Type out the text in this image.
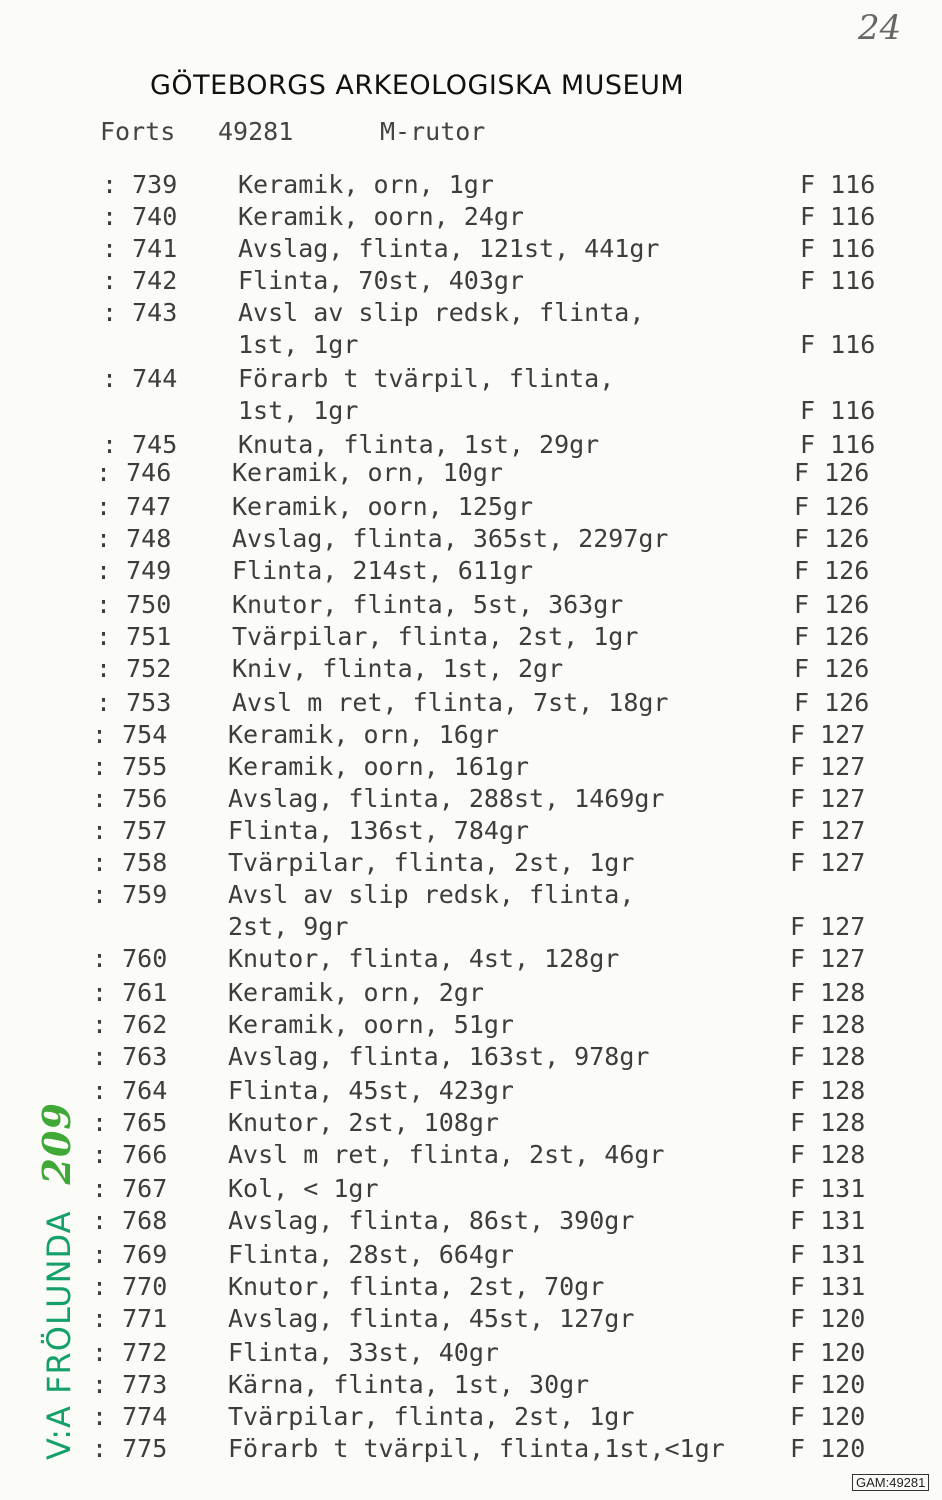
24
GÖTEBORGS ARKEOLOGISKA MUSEUM
Forts 49281	M-rutor
: 739 Keramik, orn, 1gr	F 116
: 740 Keramik, oorn, 24gr	F 116
: 741 Avslag, flinta, 121st, 441gr	F 116
: 742 Flinta, 70st, 403gr	F 116
: 743 Avsl av slip redsk, flinta,
1st, 1gr	F 116
: 744 Förarb t tvärpil, flinta,
1st, 1gr	F 116
: 745 Knuta, flinta, 1st, 29gr	F 116
: 746 Keramik, orn, 10gr	F 126
: 747 Keramik, oorn, 125gr	F 126
: 748 Avslag, flinta, 365st, 2297gr	F 126
: 749 Flinta, 214st, 611gr	F 126
: 750 Knutor, flinta, 5st, 363gr	F 126
: 751 Tvärpilar, flinta, 2st, 1gr	F 126
: 752 Kniv, flinta, 1st, 2gr	F 126
: 753 Avsl m ret, flinta, 7st, 18gr	F 126
: 754 Keramik, orn, 16gr	F 127
: 755 Keramik, oorn, 161gr	F 127
: 756 Avslag, flinta, 288st, 1469gr	F 127
: 757 Flinta, 136st, 784gr	F 127
: 758 Tvärpilar, flinta, 2st, 1gr	F 127
: 759 Avsl av slip redsk, flinta,
2st, 9gr	F 127
: 760 Knutor, flinta, 4st, 128gr	F 127
: 761 Keramik, orn, 2gr	F 128
: 762 Keramik, oorn, 51gr	F 128
: 763 Avslag, flinta, 163st, 978gr	F 128
: 764 Flinta, 45st, 423gr	F 128
: 765 Knutor, 2st, 108gr	F 128
: 766 Avsl m ret, flinta, 2st, 46gr	F 128
: 767 Kol, < 1gr	F 131
: 768 Avslag, flinta, 86st, 390gr	F 131
: 769 Flinta, 28st, 664gr	F 131
: 770 Knutor, flinta, 2st, 70gr	F 131
: 771 Avslag, flinta, 45st, 127gr	F 120
: 772 Flinta, 33st, 40gr	F 120
: 773 Kärna, flinta, 1st, 30gr	F 120
: 774 Tvärpilar, flinta, 2st, 1gr	F 120
: 775 Förarb t tvärpil, flinta,1st,<1gr	F 120
V:A FRÖLUNDA209
GAM:49281
